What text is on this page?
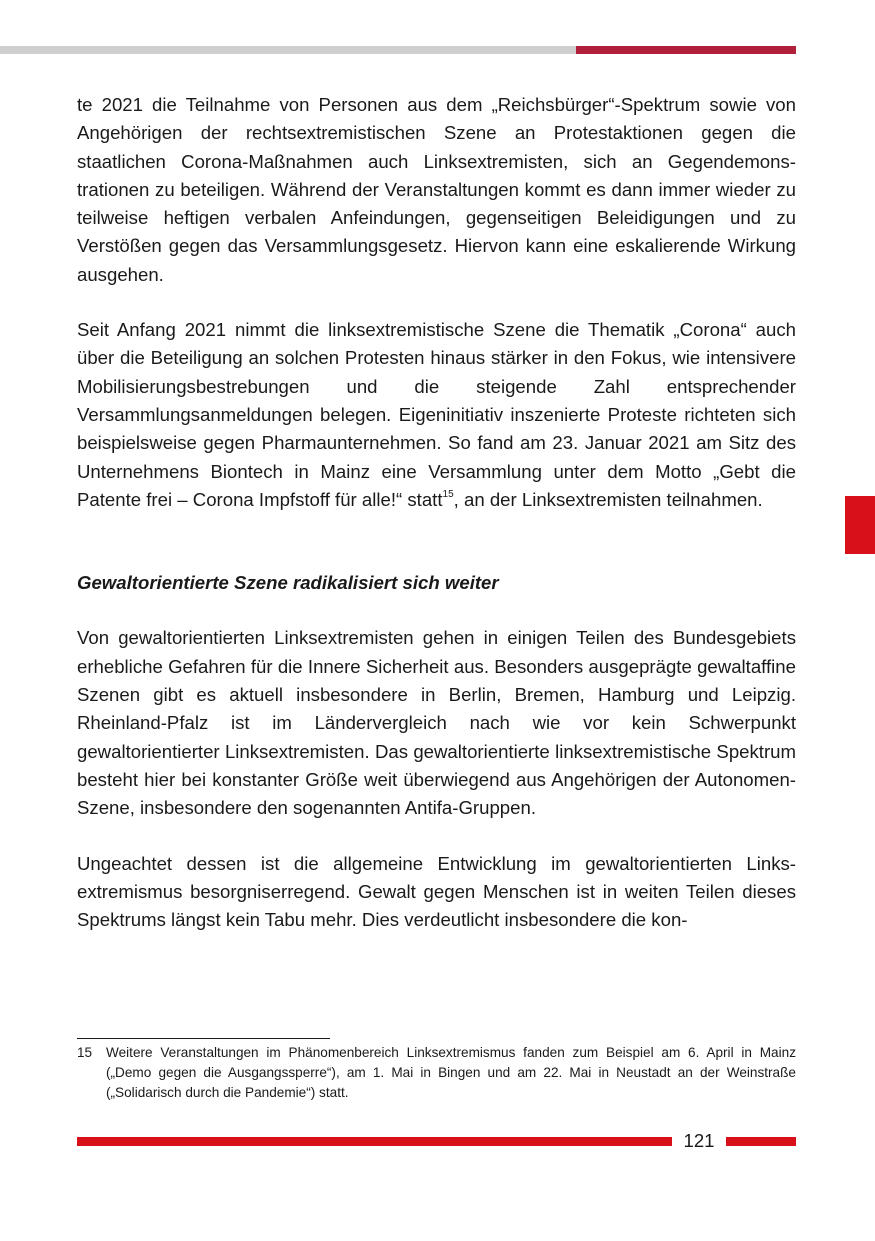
te 2021 die Teilnahme von Personen aus dem „Reichsbürger“-Spektrum sowie von Angehörigen der rechtsextremistischen Szene an Protestaktionen gegen die staatlichen Corona-Maßnahmen auch Linksextremisten, sich an Gegendemonstrationen zu beteiligen. Während der Veranstaltungen kommt es dann immer wieder zu teilweise heftigen verbalen Anfeindungen, gegenseitigen Beleidigungen und zu Verstößen gegen das Versammlungsgesetz. Hiervon kann eine eskalierende Wirkung ausgehen.

Seit Anfang 2021 nimmt die linksextremistische Szene die Thematik „Corona“ auch über die Beteiligung an solchen Protesten hinaus stärker in den Fokus, wie intensivere Mobilisierungsbestrebungen und die steigende Zahl entsprechender Versammlungsanmeldungen belegen. Eigeninitiativ inszenierte Proteste richteten sich beispielsweise gegen Pharmaunternehmen. So fand am 23. Januar 2021 am Sitz des Unternehmens Biontech in Mainz eine Versammlung unter dem Motto „Gebt die Patente frei – Corona Impfstoff für alle!“ statt$^{15}$, an der Linksextremisten teilnahmen.

Gewaltorientierte Szene radikalisiert sich weiter

Von gewaltorientierten Linksextremisten gehen in einigen Teilen des Bundesgebiets erhebliche Gefahren für die Innere Sicherheit aus. Besonders ausgeprägte gewaltaffine Szenen gibt es aktuell insbesondere in Berlin, Bremen, Hamburg und Leipzig. Rheinland-Pfalz ist im Ländervergleich nach wie vor kein Schwerpunkt gewaltorientierter Linksextremisten. Das gewaltorientierte linksextremistische Spektrum besteht hier bei konstanter Größe weit überwiegend aus Angehörigen der Autonomen-Szene, insbesondere den sogenannten Antifa-Gruppen.

Ungeachtet dessen ist die allgemeine Entwicklung im gewaltorientierten Linksextremismus besorgniserregend. Gewalt gegen Menschen ist in weiten Teilen dieses Spektrums längst kein Tabu mehr. Dies verdeutlicht insbesondere die kon-

15	Weitere Veranstaltungen im Phänomenbereich Linksextremismus fanden zum Beispiel am 6. April in Mainz („Demo gegen die Ausgangssperre“), am 1. Mai in Bingen und am 22. Mai in Neustadt an der Weinstraße („Solidarisch durch die Pandemie“) statt.
121
